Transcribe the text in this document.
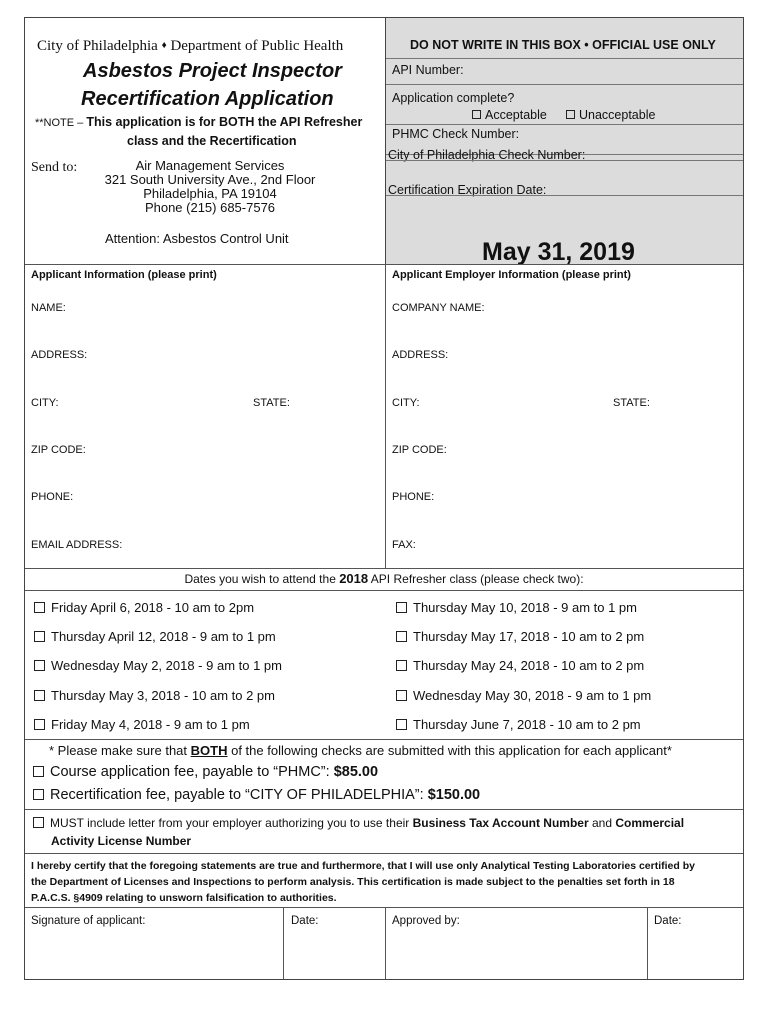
City of Philadelphia ♦ Department of Public Health
Asbestos Project Inspector
Recertification Application
**NOTE – This application is for BOTH the API Refresher
class and the Recertification
Send to:	Air Management Services
321 South University Ave., 2nd Floor
Philadelphia, PA 19104
Phone (215) 685-7576
Attention: Asbestos Control Unit
DO NOT WRITE IN THIS BOX • OFFICIAL USE ONLY
API Number:
Application complete?
Acceptable	Unacceptable
PHMC Check Number:
City of Philadelphia Check Number:
Certification Expiration Date:
May 31, 2019
Applicant Information (please print)
NAME:
ADDRESS:
CITY:	STATE:
ZIP CODE:
PHONE:
EMAIL ADDRESS:
Applicant Employer Information (please print)
COMPANY NAME:
ADDRESS:
CITY:	STATE:
ZIP CODE:
PHONE:
FAX:
Dates you wish to attend the 2018 API Refresher class (please check two):
Friday April 6, 2018 - 10 am to 2pm
Thursday April 12, 2018 - 9 am to 1 pm
Wednesday May 2, 2018 - 9 am to 1 pm
Thursday May 3, 2018 - 10 am to 2 pm
Friday May 4, 2018 - 9 am to 1 pm
Thursday May 10, 2018 - 9 am to 1 pm
Thursday May 17, 2018 - 10 am to 2 pm
Thursday May 24, 2018 - 10 am to 2 pm
Wednesday May 30, 2018 - 9 am to 1 pm
Thursday June 7, 2018 - 10 am to 2 pm
* Please make sure that BOTH of the following checks are submitted with this application for each applicant*
Course application fee, payable to “PHMC”: $85.00
Recertification fee, payable to “CITY OF PHILADELPHIA”: $150.00
MUST include letter from your employer authorizing you to use their Business Tax Account Number and Commercial
Activity License Number
I hereby certify that the foregoing statements are true and furthermore, that I will use only Analytical Testing Laboratories certified by
the Department of Licenses and Inspections to perform analysis. This certification is made subject to the penalties set forth in 18
P.A.C.S. §4909 relating to unsworn falsification to authorities.
Signature of applicant:	Date:	Approved by:	Date:
